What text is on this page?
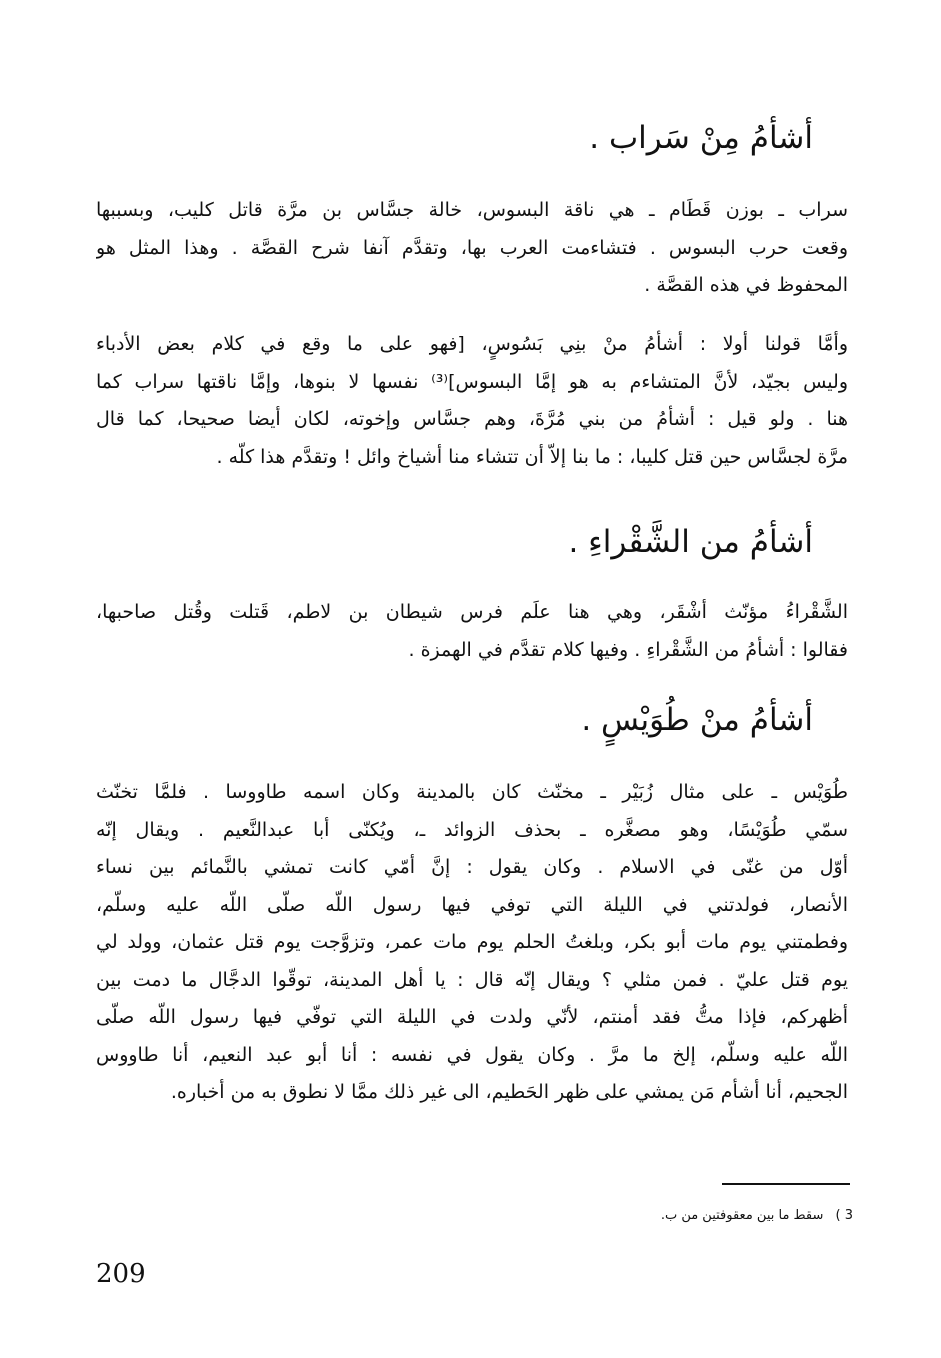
أشأمُ مِنْ سَراب .
سراب ـ بوزن قَطَام ـ هي ناقة البسوس، خالة جسَّاس بن مرَّة قاتل كليب، وبسببها
وقعت حرب البسوس . فتشاءمت العرب بها، وتقدَّم آنفا شرح القصَّة . وهذا المثل هو
المحفوظ في هذه القصَّة .
وأمَّا قولنا أولا : أشأمُ منْ بنِي بَسُوسٍ، [فهو على ما وقع في كلام بعض الأدباء
وليس بجيّد، لأنَّ المتشاءم به هو إمَّا البسوس]⁽³⁾ نفسها لا بنوها، وإمَّا ناقتها سراب كما
هنا . ولو قيل : أشأمُ من بني مُرَّةَ، وهم جسَّاس وإخوته، لكان أيضا صحيحا، كما قال
مرَّة لجسَّاس حين قتل كليبا، : ما بنا إلاّ أن تتشاء منا أشياخ وائل ! وتقدَّم هذا كلّه .
أشأمُ من الشَّقْراءِ .
الشَّقْراءُ مؤنّث أشْقَر، وهي هنا علَم فرس شيطان بن لاطم، قَتلت وقُتل صاحبها،
فقالوا : أشأمُ من الشَّقْراءِ . وفيها كلام تقدَّم في الهمزة .
أشأمُ منْ طُوَيْسٍ .
طُوَيْس ـ على مثال زُبَيْر ـ مخنّث كان بالمدينة وكان اسمه طاووسا . فلمَّا تخنّث
سمّي طُوَيْسًا، وهو مصغَّره ـ بحذف الزوائد ـ، ويُكنّى أبا عبدالنَّعيم . ويقال إنّه
أوّل من غنّى في الاسلام . وكان يقول : إنَّ أمّي كانت تمشي بالنَّمائم بين نساء
الأنصار، فولدتني في الليلة التي توفي فيها رسول اللّه صلّى اللّه عليه وسلّم،
وفطمتني يوم مات أبو بكر، وبلغتُ الحلم يوم مات عمر، وتزوَّجت يوم قتل عثمان، وولد لي
يوم قتل عليّ . فمن مثلي ؟ ويقال إنّه قال : يا أهل المدينة، توقّوا الدجَّال ما دمت بين
أظهركم، فإذا متُّ فقد أمنتم، لأنّي ولدت في الليلة التي توفّي فيها رسول اللّه صلّى
اللّه عليه وسلّم، إلخ ما مرَّ . وكان يقول في نفسه : أنا أبو عبد النعيم، أنا طاووس
الجحيم، أنا أشأم مَن يمشي على ظهر الحَطيم، الى غير ذلك ممَّا لا نطوق به من أخباره.
3 ) سقط ما بين معقوفتين من ب.
209
